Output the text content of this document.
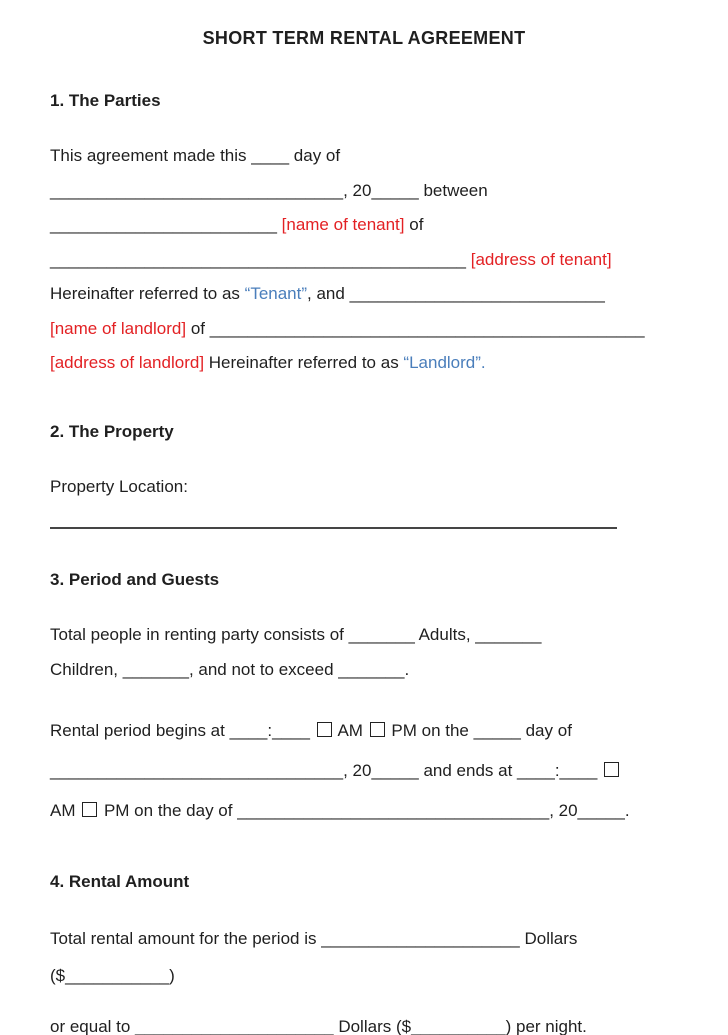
SHORT TERM RENTAL AGREEMENT
1. The Parties
This agreement made this ____ day of
_______________________________, 20_____ between
________________________ [name of tenant] of
____________________________________________ [address of tenant]
Hereinafter referred to as “Tenant”, and ___________________________
[name of landlord] of ______________________________________________
[address of landlord] Hereinafter referred to as “Landlord”.
2. The Property
Property Location:
3. Period and Guests
Total people in renting party consists of _______ Adults, _______
Children, _______, and not to exceed _______.
Rental period begins at ____:____  AM  PM on the _____ day of
_______________________________, 20_____ and ends at ____:____
AM  PM on the day of _________________________________, 20_____.
4. Rental Amount
Total rental amount for the period is _____________________ Dollars
($___________)
or equal to _____________________ Dollars ($__________) per night.
